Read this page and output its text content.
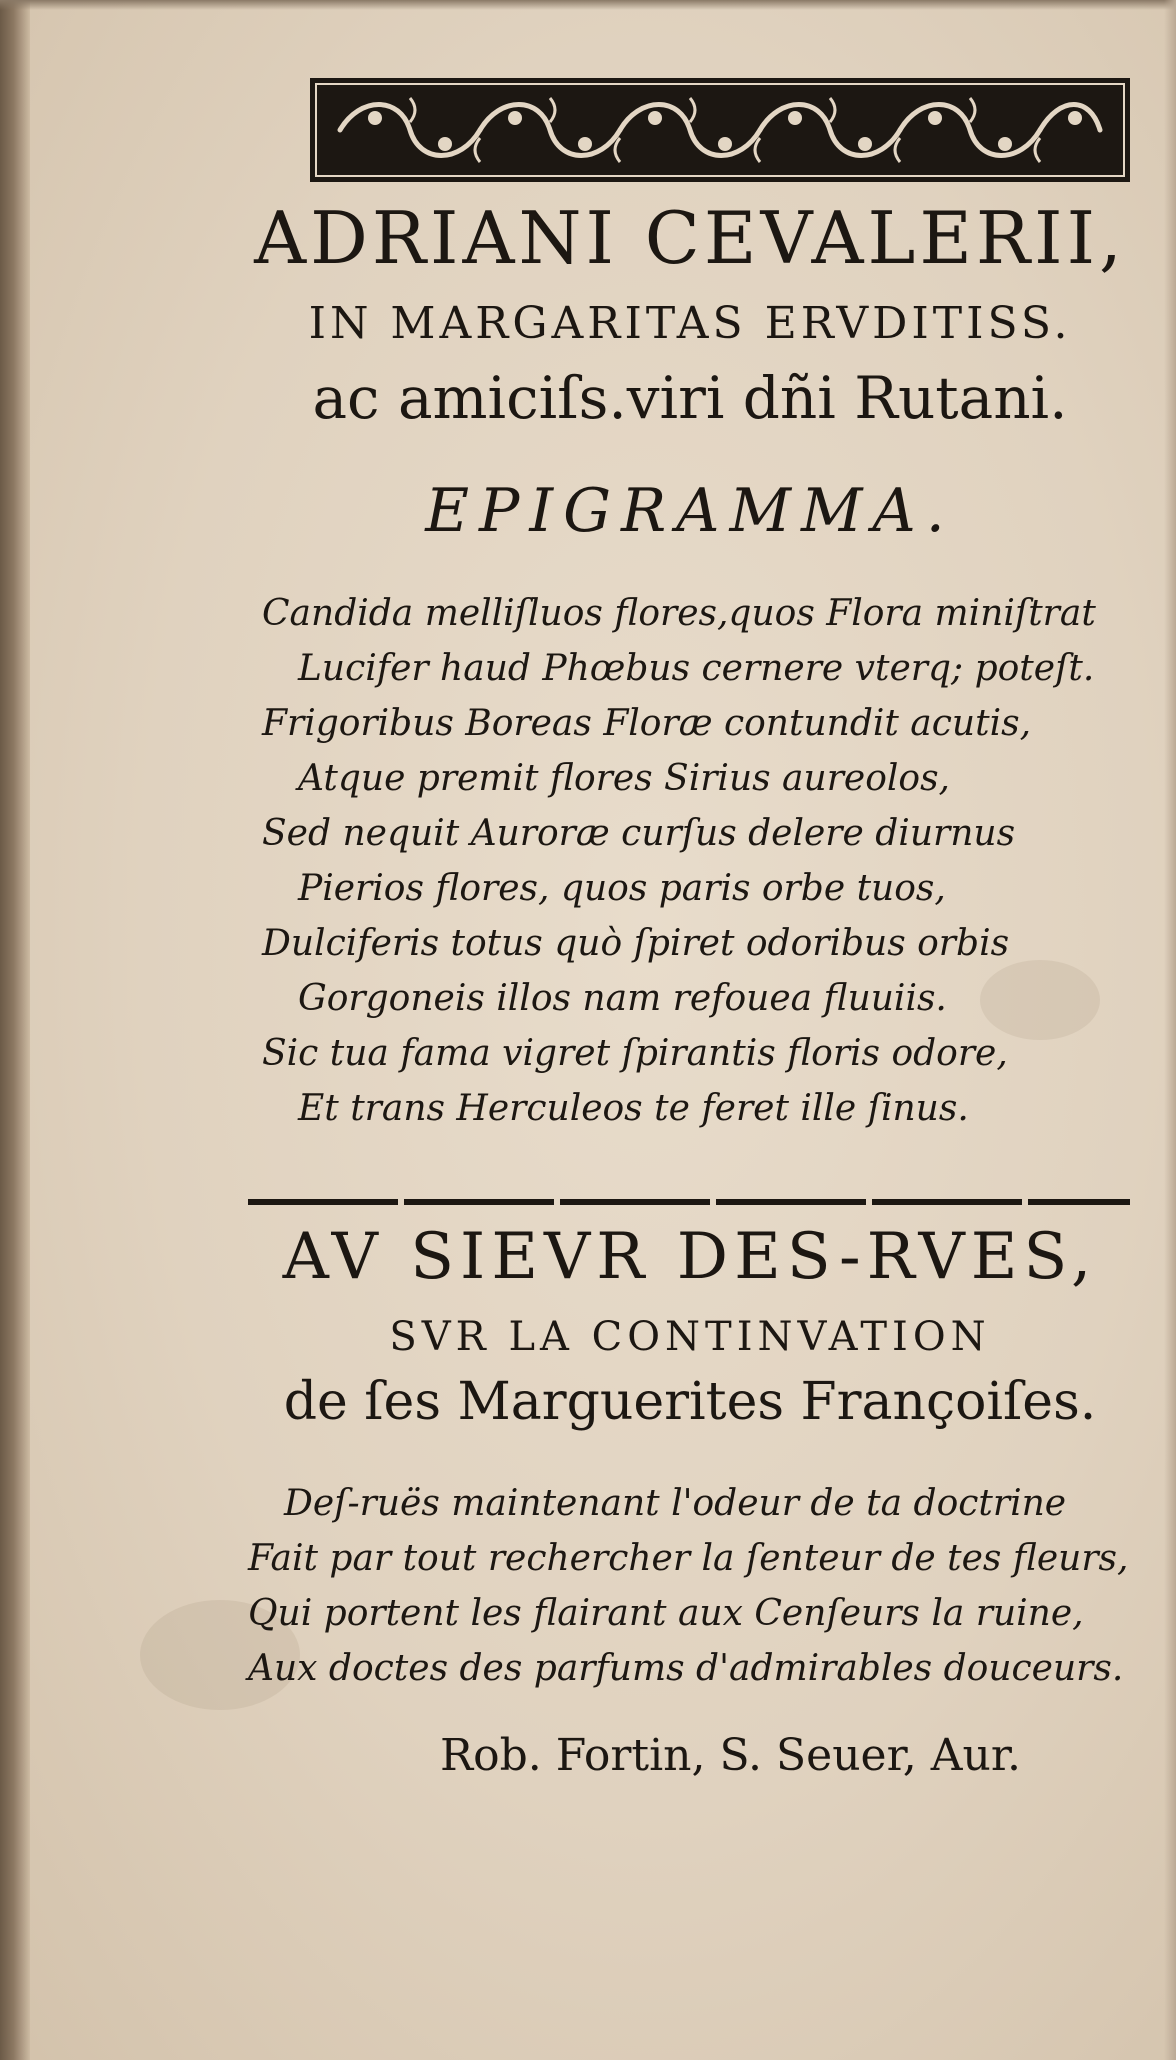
ADRIANI CEVALERII,
IN MARGARITAS ERVDITISS.
ac amiciſs.viri dñi Rutani.
EPIGRAMMA.
Candida melliſluos flores,quos Flora miniſtrat
Lucifer haud Phœbus cernere vterq; poteſt.
Frigoribus Boreas Floræ contundit acutis,
Atque premit flores Sirius aureolos,
Sed nequit Auroræ curſus delere diurnus
Pierios flores, quos paris orbe tuos,
Dulciferis totus quò ſpiret odoribus orbis
Gorgoneis illos nam refouea fluuiis.
Sic tua fama vigret ſpirantis floris odore,
Et trans Herculeos te feret ille ſinus.
AV SIEVR DES-RVES,
SVR LA CONTINVATION
de ſes Marguerites Françoiſes.
Deſ-ruës maintenant l'odeur de ta doctrine
Fait par tout rechercher la ſenteur de tes fleurs,
Qui portent les flairant aux Cenſeurs la ruine,
Aux doctes des parfums d'admirables douceurs.
Rob. Fortin, S. Seuer, Aur.
